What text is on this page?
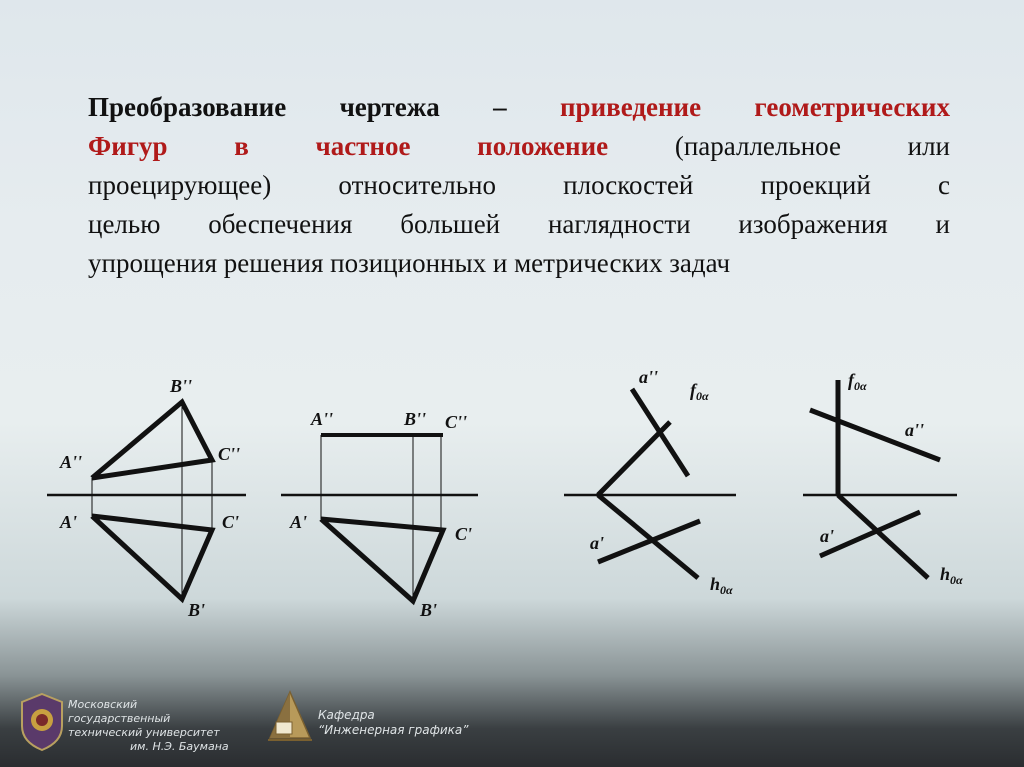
Преобразование чертежа – приведение геометрических
Фигур в частное положение (параллельное или
проецирующее) относительно плоскостей проекций с
целью обеспечения большей наглядности изображения и
упрощения решения позиционных и метрических задач
B''
A''	C''
A'	C'
B'
A''	B'' C''
A'
C'
B'
a''
$f_{0\alpha}$
a'
$h_{0\alpha}$
$f_{0\alpha}$
a''
a'
$h_{0\alpha}$
Московский государственный
технический университет
им. Н.Э. Баумана
Кафедра
“Инженерная графика”
